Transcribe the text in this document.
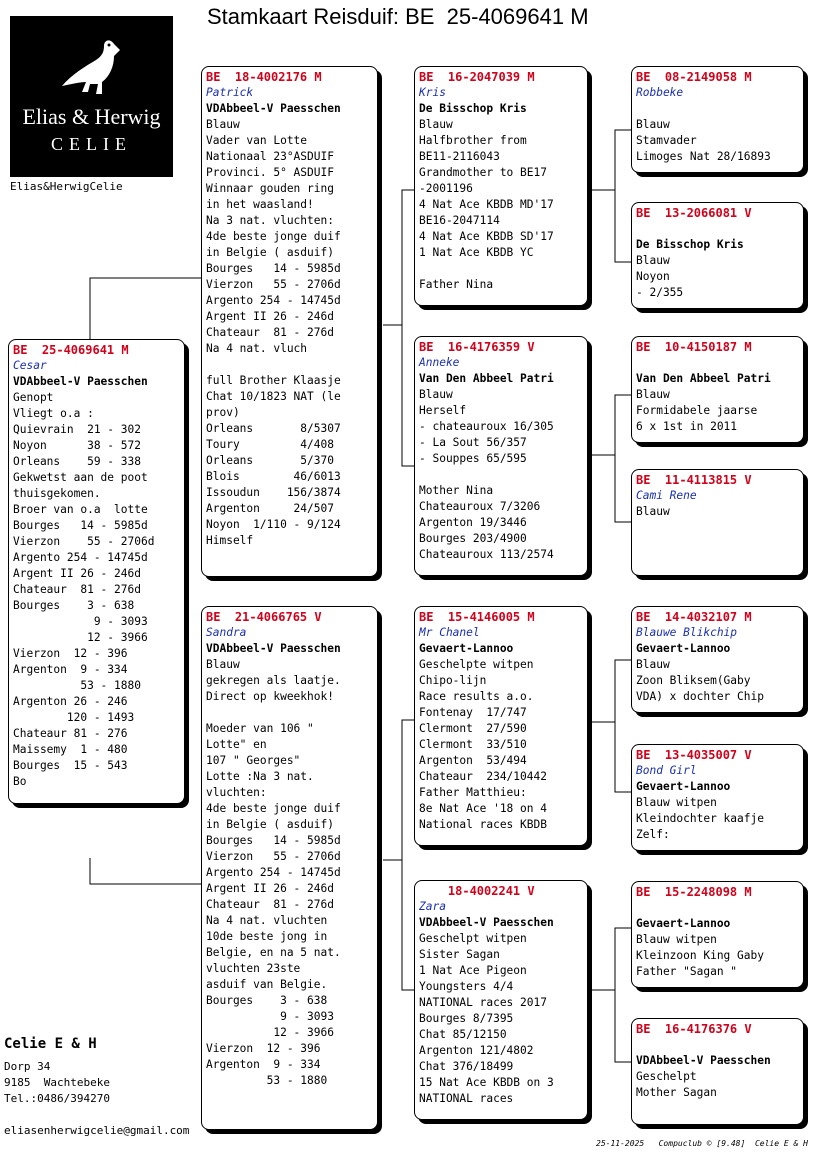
Stamkaart Reisduif: BE  25-4069641 M
Elias & Herwig
CELIE
Elias&HerwigCelie
BE  25-4069641 M
Cesar
VDAbbeel-V Paesschen
Genopt
Vliegt o.a :
Quievrain  21 - 302
Noyon      38 - 572
Orleans    59 - 338
Gekwetst aan de poot
thuisgekomen.
Broer van o.a  lotte
Bourges   14 - 5985d
Vierzon    55 - 2706d
Argento 254 - 14745d
Argent II 26 - 246d
Chateaur  81 - 276d
Bourges    3 - 638
9 - 3093
12 - 3966
Vierzon  12 - 396
Argenton  9 - 334
53 - 1880
Argenton 26 - 246
120 - 1493
Chateaur 81 - 276
Maissemy  1 - 480
Bourges  15 - 543
Bo
BE  18-4002176 M
Patrick
VDAbbeel-V Paesschen
Blauw
Vader van Lotte
Nationaal 23°ASDUIF
Provinci. 5° ASDUIF
Winnaar gouden ring
in het waasland!
Na 3 nat. vluchten:
4de beste jonge duif
in Belgie ( asduif)
Bourges   14 - 5985d
Vierzon   55 - 2706d
Argento 254 - 14745d
Argent II 26 - 246d
Chateaur  81 - 276d
Na 4 nat. vluch

full Brother Klaasje
Chat 10/1823 NAT (le
prov)
Orleans       8/5307
Toury         4/408
Orleans       5/370
Blois        46/6013
Issoudun    156/3874
Argenton     24/507
Noyon  1/110 - 9/124
Himself
BE  21-4066765 V
Sandra
VDAbbeel-V Paesschen
Blauw
gekregen als laatje.
Direct op kweekhok!

Moeder van 106 "
Lotte" en
107 " Georges"
Lotte :Na 3 nat.
vluchten:
4de beste jonge duif
in Belgie ( asduif)
Bourges   14 - 5985d
Vierzon   55 - 2706d
Argento 254 - 14745d
Argent II 26 - 246d
Chateaur  81 - 276d
Na 4 nat. vluchten
10de beste jong in
Belgie, en na 5 nat.
vluchten 23ste
asduif van Belgie.
Bourges    3 - 638
9 - 3093
12 - 3966
Vierzon  12 - 396
Argenton  9 - 334
53 - 1880
BE  16-2047039 M
Kris
De Bisschop Kris
Blauw
Halfbrother from
BE11-2116043
Grandmother to BE17
-2001196
4 Nat Ace KBDB MD'17
BE16-2047114
4 Nat Ace KBDB SD'17
1 Nat Ace KBDB YC

Father Nina
BE  16-4176359 V
Anneke
Van Den Abbeel Patri
Blauw
Herself
- chateauroux 16/305
- La Sout 56/357
- Souppes 65/595

Mother Nina
Chateauroux 7/3206
Argenton 19/3446
Bourges 203/4900
Chateauroux 113/2574
BE  15-4146005 M
Mr Chanel
Gevaert-Lannoo
Geschelpte witpen
Chipo-lijn
Race results a.o.
Fontenay  17/747
Clermont  27/590
Clermont  33/510
Argenton  53/494
Chateaur  234/10442
Father Matthieu:
8e Nat Ace '18 on 4
National races KBDB
18-4002241 V
Zara
VDAbbeel-V Paesschen
Geschelpt witpen
Sister Sagan
1 Nat Ace Pigeon
Youngsters 4/4
NATIONAL races 2017
Bourges 8/7395
Chat 85/12150
Argenton 121/4802
Chat 376/18499
15 Nat Ace KBDB on 3
NATIONAL races
BE  08-2149058 M
Robbeke

Blauw
Stamvader
Limoges Nat 28/16893
BE  13-2066081 V

De Bisschop Kris
Blauw
Noyon
- 2/355
BE  10-4150187 M

Van Den Abbeel Patri
Blauw
Formidabele jaarse
6 x 1st in 2011
BE  11-4113815 V
Cami Rene
Blauw
BE  14-4032107 M
Blauwe Blikchip
Gevaert-Lannoo
Blauw
Zoon Bliksem(Gaby
VDA) x dochter Chip
BE  13-4035007 V
Bond Girl
Gevaert-Lannoo
Blauw witpen
Kleindochter kaafje
Zelf:
BE  15-2248098 M

Gevaert-Lannoo
Blauw witpen
Kleinzoon King Gaby
Father "Sagan "
BE  16-4176376 V

VDAbbeel-V Paesschen
Geschelpt
Mother Sagan
Celie E & H
Dorp 34
9185  Wachtebeke
Tel.:0486/394270
eliasenherwigcelie@gmail.com
25-11-2025   Compuclub © [9.48]  Celie E & H
